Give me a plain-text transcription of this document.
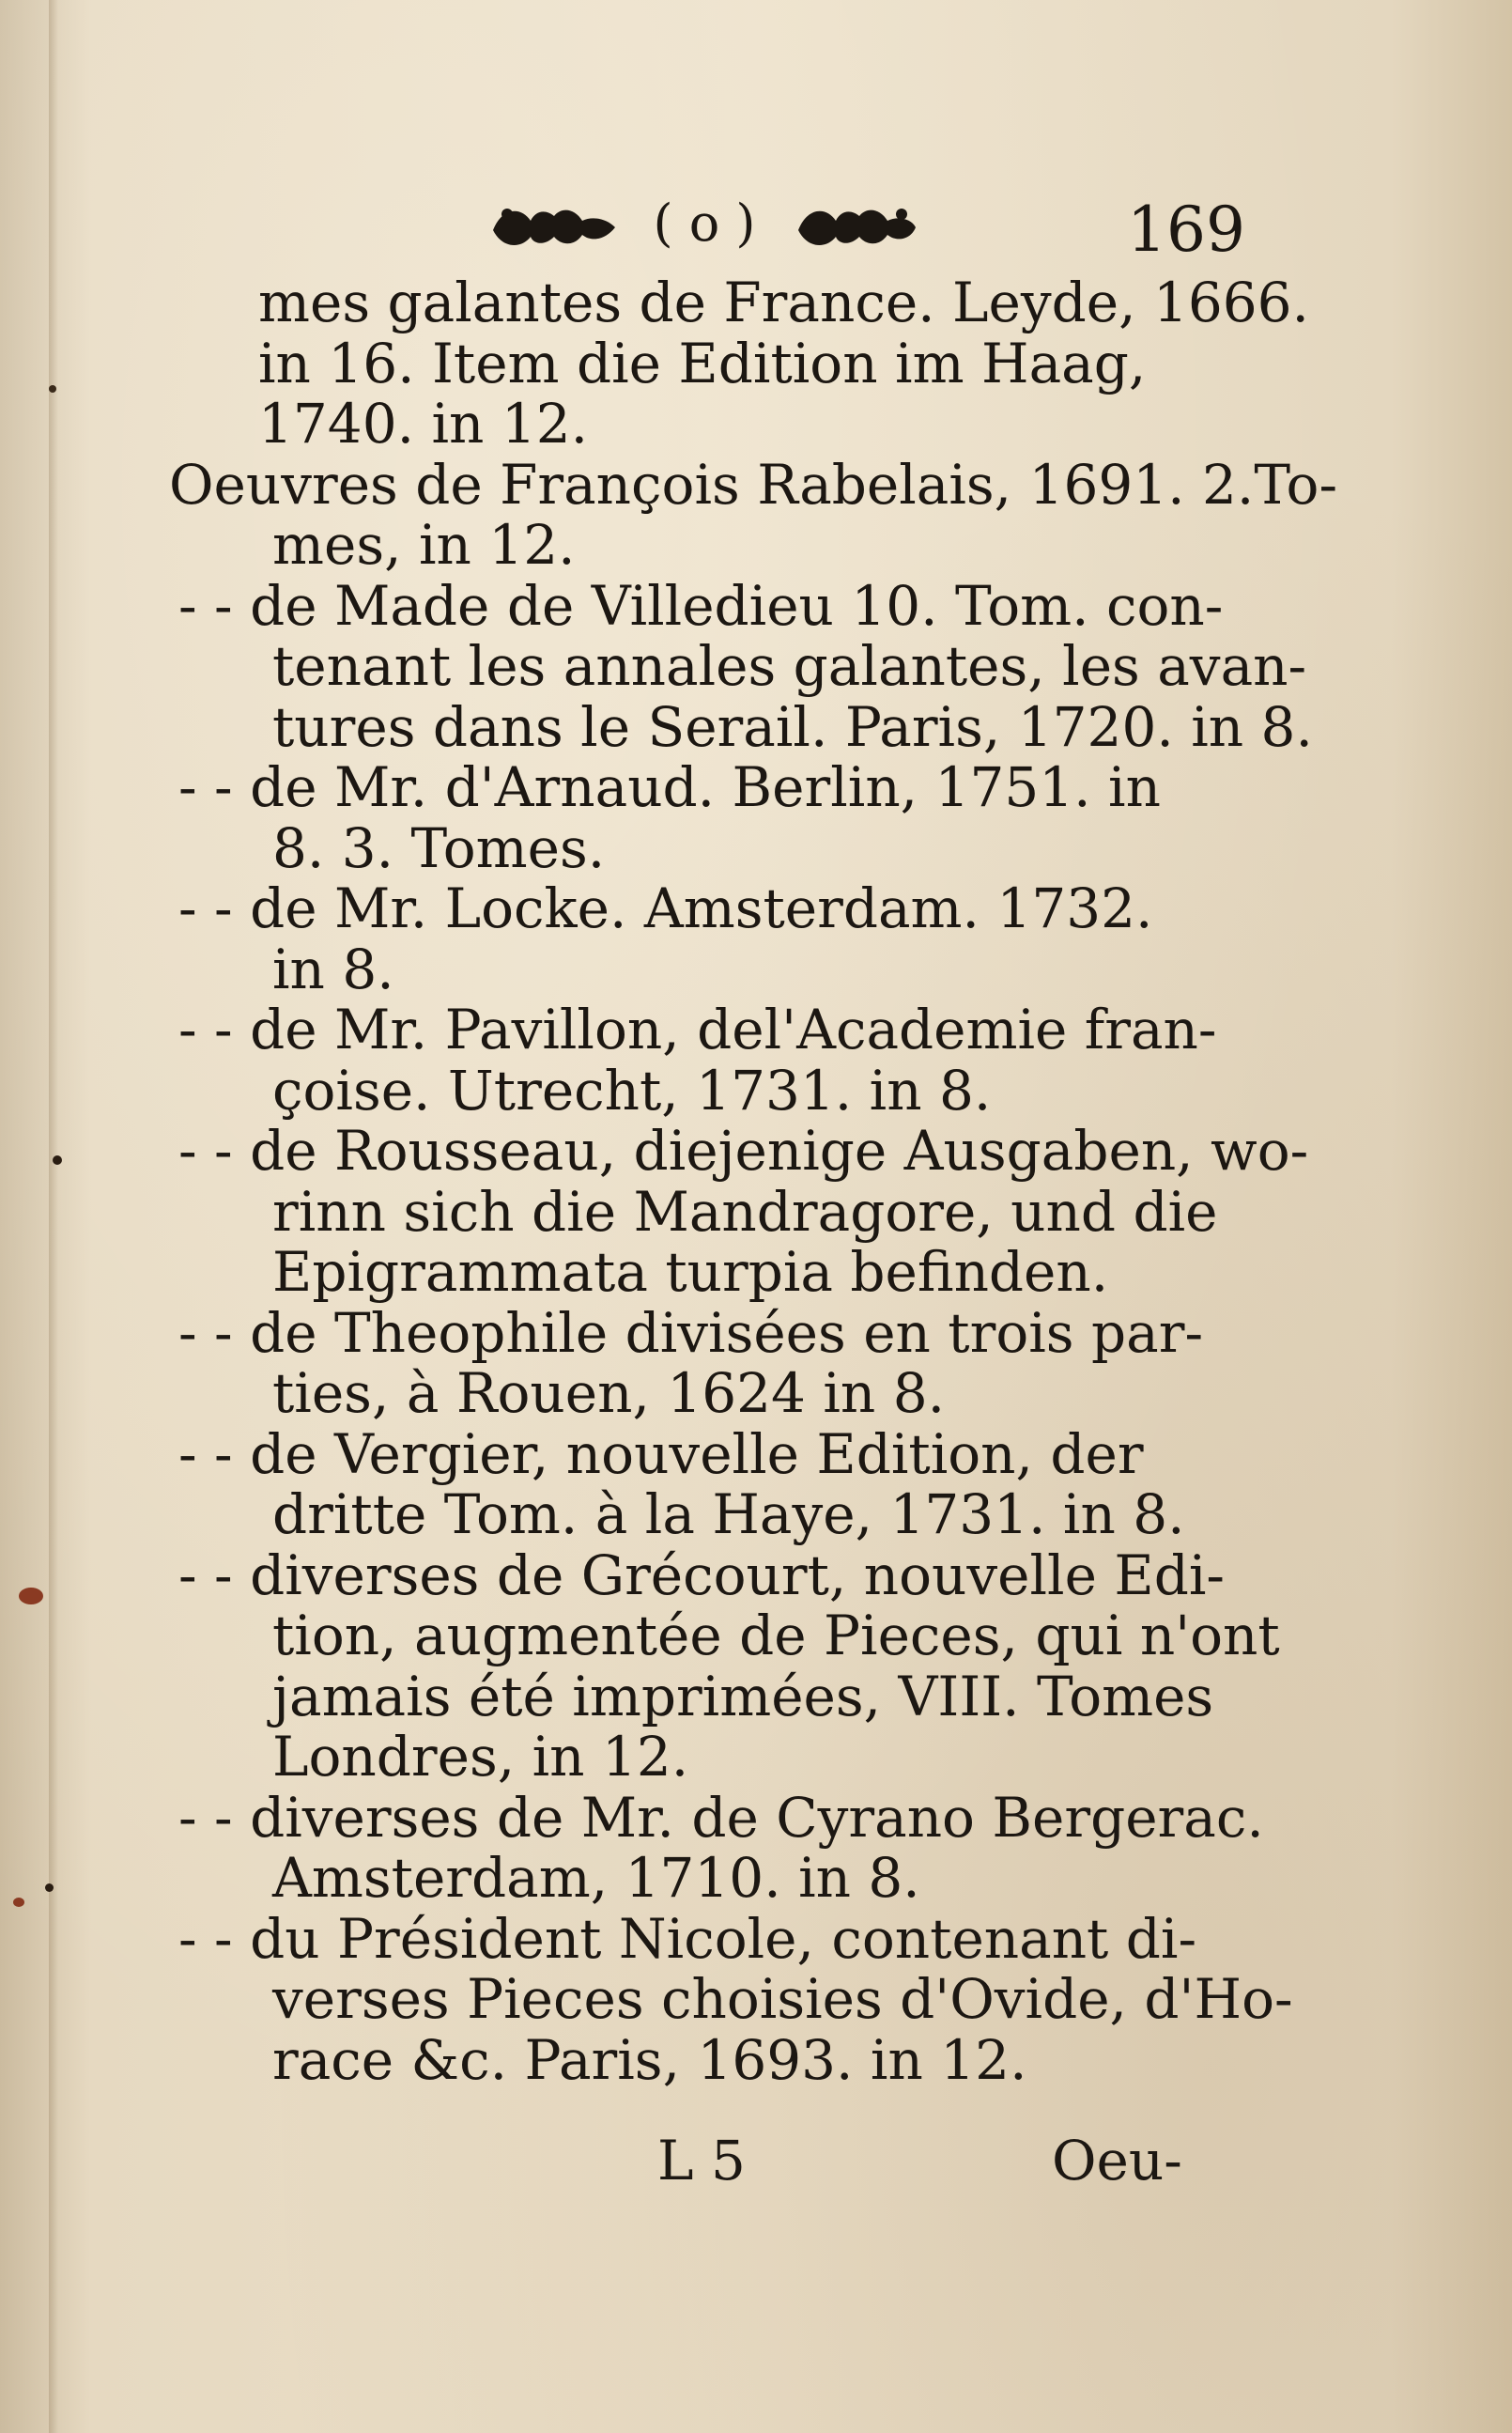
( o )	169
mes galantes de France. Leyde, 1666.
in 16. Item die Edition im Haag,
1740. in 12.
Oeuvres de François Rabelais, 1691. 2.To-
mes, in 12.
- - de Made de Villedieu 10. Tom. con-
tenant les annales galantes, les avan-
tures dans le Serail. Paris, 1720. in 8.
- - de Mr. d'Arnaud. Berlin, 1751. in
8. 3. Tomes.
- - de Mr. Locke. Amsterdam. 1732.
in 8.
- - de Mr. Pavillon, del'Academie fran-
çoise. Utrecht, 1731. in 8.
- - de Rousseau, diejenige Ausgaben, wo-
rinn sich die Mandragore, und die
Epigrammata turpia befinden.
- - de Theophile divisées en trois par-
ties, à Rouen, 1624 in 8.
- - de Vergier, nouvelle Edition, der
dritte Tom. à la Haye, 1731. in 8.
- - diverses de Grécourt, nouvelle Edi-
tion, augmentée de Pieces, qui n'ont
jamais été imprimées, VIII. Tomes
Londres, in 12.
- - diverses de Mr. de Cyrano Bergerac.
Amsterdam, 1710. in 8.
- - du Président Nicole, contenant di-
verses Pieces choisies d'Ovide, d'Ho-
race &c. Paris, 1693. in 12.
L 5	Oeu-
